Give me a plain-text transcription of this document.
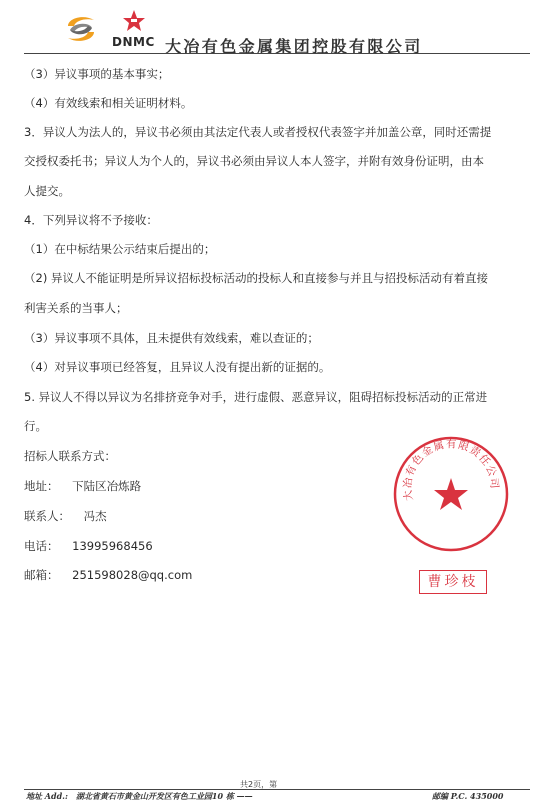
DNMC 大冶有色金属集团控股有限公司
（3）异议事项的基本事实；
（4）有效线索和相关证明材料。
3．异议人为法人的，异议书必须由其法定代表人或者授权代表签字并加盖公章，同时还需提
交授权委托书；异议人为个人的，异议书必须由异议人本人签字，并附有效身份证明，由本
人提交。
4．下列异议将不予接收：
（1）在中标结果公示结束后提出的；
（2) 异议人不能证明是所异议招标投标活动的投标人和直接参与并且与招投标活动有着直接
利害关系的当事人；
（3）异议事项不具体，且未提供有效线索，难以查证的；
（4）对异议事项已经答复，且异议人没有提出新的证据的。
5. 异议人不得以异议为名排挤竞争对手，进行虚假、恶意异议，阻碍招标投标活动的正常进
行。
招标人联系方式：
地址： 下陆区冶炼路
联系人： 冯杰
电话： 13995968456
邮箱： 251598028@qq.com
大冶有色金属有限责任公司
曹珍枝
共2页，第
地址 Add.:　湖北省黄石市黄金山开发区有色工业园10 栋 ——	邮编 P.C. 435000
